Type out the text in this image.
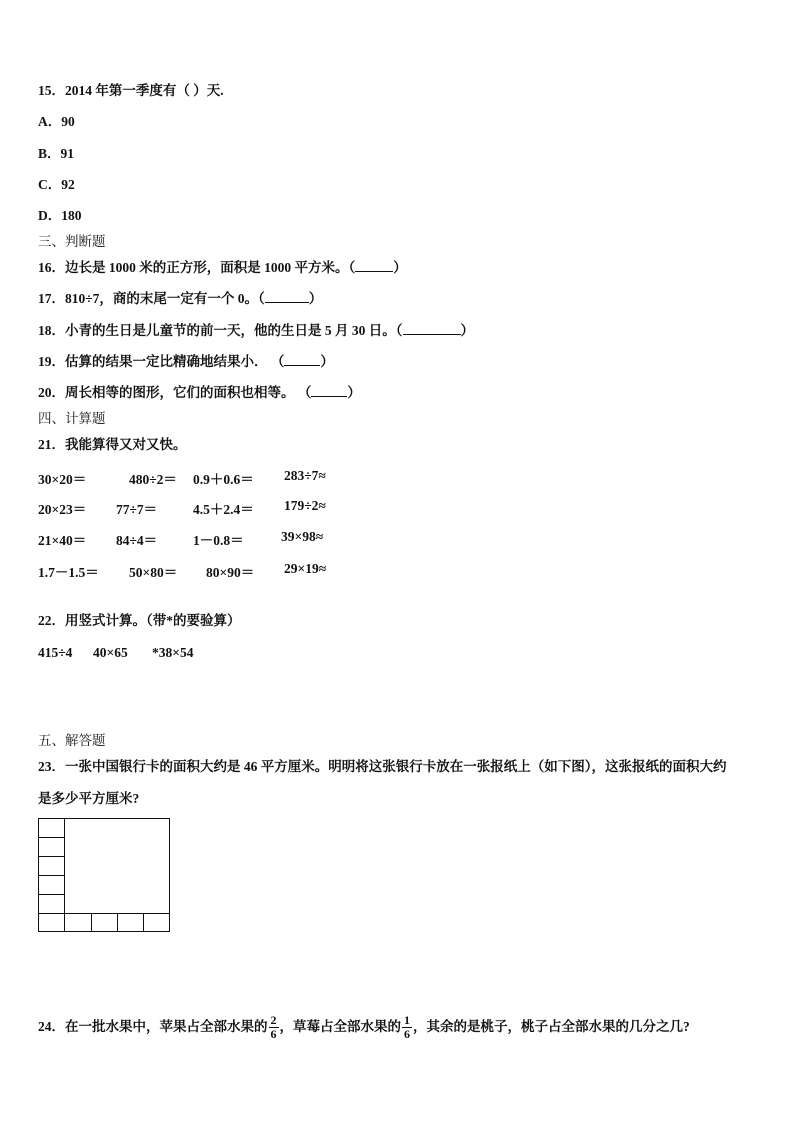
15．2014 年第一季度有（ ）天.
A．90
B．91
C．92
D．180
三、判断题
16．边长是 1000 米的正方形，面积是 1000 平方米。（	）
17．810÷7，商的末尾一定有一个 0。（	）
18．小青的生日是儿童节的前一天，他的生日是 5 月 30 日。（	）
19．估算的结果一定比精确地结果小． （	）
20．周长相等的图形，它们的面积也相等。 （	）
四、计算题
21．我能算得又对又快。
30×20＝	480÷2＝ 0.9＋0.6＝ 283÷7≈
20×23＝ 77÷7＝	4.5＋2.4＝ 179÷2≈
21×40＝ 84÷4＝	1－0.8＝	39×98≈
1.7－1.5＝ 50×80＝ 80×90＝ 29×19≈
22．用竖式计算。（带*的要验算）
415÷4 40×65 *38×54
五、解答题
23．一张中国银行卡的面积大约是 46 平方厘米。明明将这张银行卡放在一张报纸上（如下图），这张报纸的面积大约
是多少平方厘米?
24．在一批水果中，苹果占全部水果的 $\frac{2}{6}$ ，草莓占全部水果的 $\frac{1}{6}$ ，其余的是桃子，桃子占全部水果的几分之几?
